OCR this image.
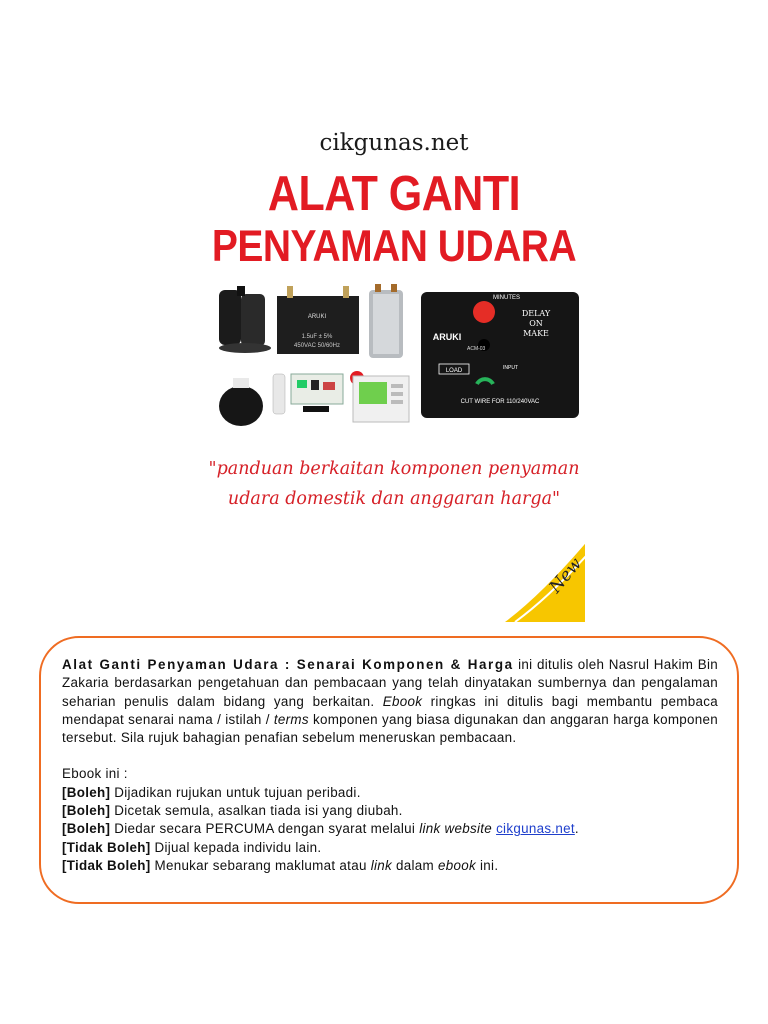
cikgunas.net
ALAT GANTI
PENYAMAN UDARA
ARUKI
1.5uF ± 5%
450VAC 50/60Hz
MINUTES
DELAY
ON
MAKE
ARUKI
ACM-03
LOAD	INPUT
CUT WIRE FOR 110/240VAC
"panduan berkaitan komponen penyaman
udara domestik dan anggaran harga"
New

Alat Ganti Penyaman Udara : Senarai Komponen & Harga ini ditulis oleh Nasrul Hakim Bin Zakaria berdasarkan pengetahuan dan pembacaan yang telah dinyatakan sumbernya dan pengalaman seharian penulis dalam bidang yang berkaitan. Ebook ringkas ini ditulis bagi membantu pembaca mendapat senarai nama / istilah / terms komponen yang biasa digunakan dan anggaran harga komponen tersebut. Sila rujuk bahagian penafian sebelum meneruskan pembacaan.

Ebook ini :
[Boleh] Dijadikan rujukan untuk tujuan peribadi.
[Boleh] Dicetak semula, asalkan tiada isi yang diubah.
[Boleh] Diedar secara PERCUMA dengan syarat melalui link website cikgunas.net.
[Tidak Boleh] Dijual kepada individu lain.
[Tidak Boleh] Menukar sebarang maklumat atau link dalam ebook ini.
